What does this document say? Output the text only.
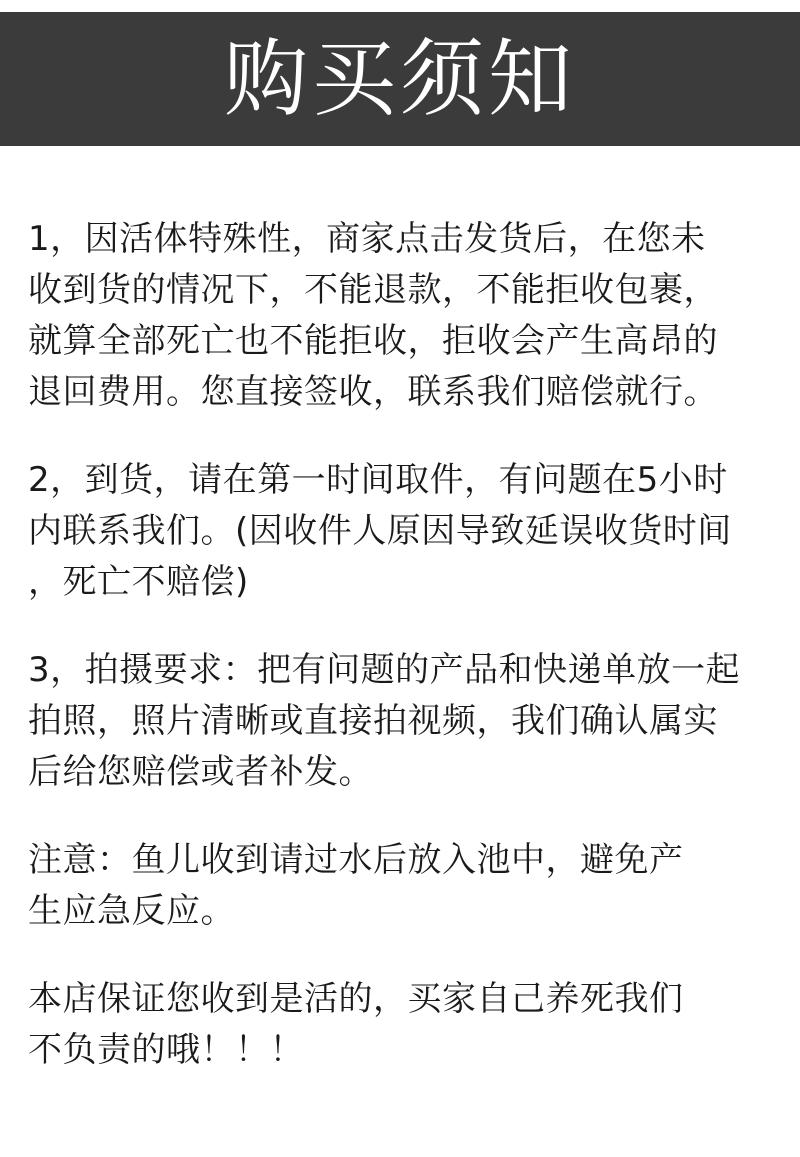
购买须知

1，因活体特殊性，商家点击发货后，在您未
收到货的情况下，不能退款，不能拒收包裹，
就算全部死亡也不能拒收，拒收会产生高昂的
退回费用。您直接签收，联系我们赔偿就行。

2，到货，请在第一时间取件，有问题在5小时
内联系我们。(因收件人原因导致延误收货时间
，死亡不赔偿)

3，拍摄要求：把有问题的产品和快递单放一起
拍照，照片清晰或直接拍视频，我们确认属实
后给您赔偿或者补发。

注意：鱼儿收到请过水后放入池中，避免产
生应急反应。

本店保证您收到是活的，买家自己养死我们
不负责的哦！！！
